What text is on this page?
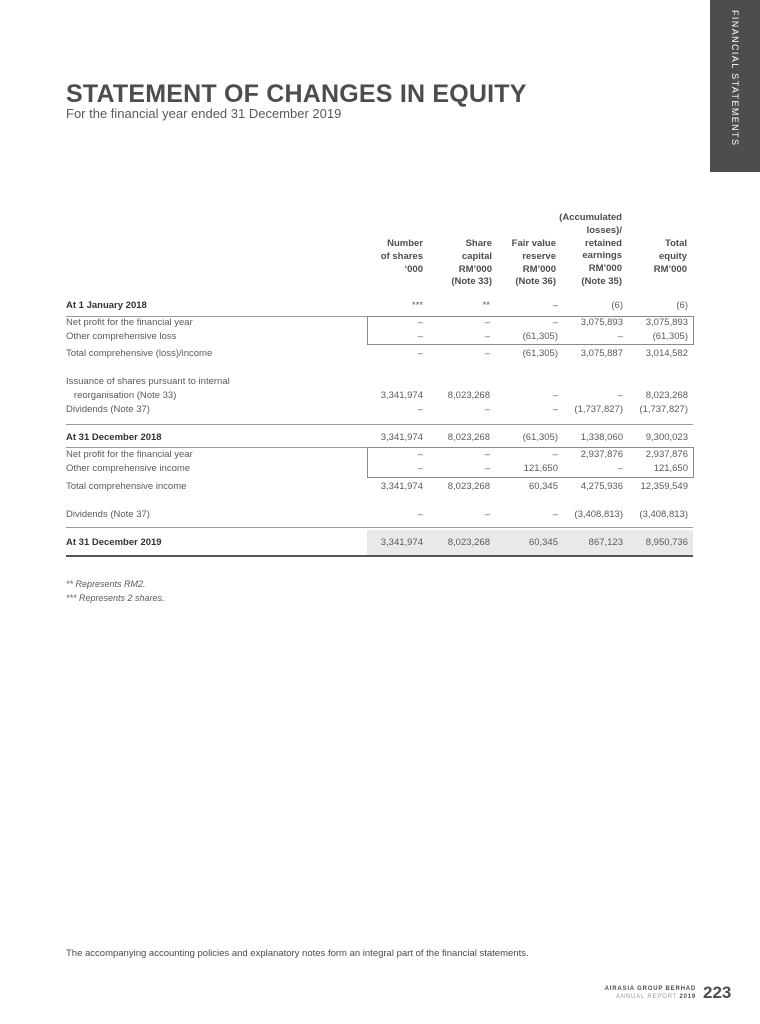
FINANCIAL STATEMENTS
STATEMENT OF CHANGES IN EQUITY
For the financial year ended 31 December 2019
Number
of shares
‘000
Share
capital
RM’000
(Note 33)
Fair value
reserve
RM’000
(Note 36)
(Accumulated
losses)/
retained
earnings
RM’000
(Note 35)
Total
equity
RM’000
At 1 January 2018	***	**	–	(6)	(6)
Net profit for the financial year	–	–	–	3,075,893	3,075,893
Other comprehensive loss	–	–	(61,305)	–	(61,305)
Total comprehensive (loss)/income	–	–	(61,305)	3,075,887	3,014,582
Issuance of shares pursuant to internal
reorganisation (Note 33)	3,341,974	8,023,268	–	–	8,023,268
Dividends (Note 37)	–	–	–	(1,737,827)	(1,737,827)
At 31 December 2018	3,341,974	8,023,268	(61,305)	1,338,060	9,300,023
Net profit for the financial year	–	–	–	2,937,876	2,937,876
Other comprehensive income	–	–	121,650	–	121,650
Total comprehensive income	3,341,974	8,023,268	60,345	4,275,936	12,359,549
Dividends (Note 37)	–	–	–	(3,408,813)	(3,408,813)
At 31 December 2019	3,341,974	8,023,268	60,345	867,123	8,950,736
** Represents RM2.
*** Represents 2 shares.
The accompanying accounting policies and explanatory notes form an integral part of the financial statements.
AIRASIA GROUP BERHAD
ANNUAL REPORT 2019 223
